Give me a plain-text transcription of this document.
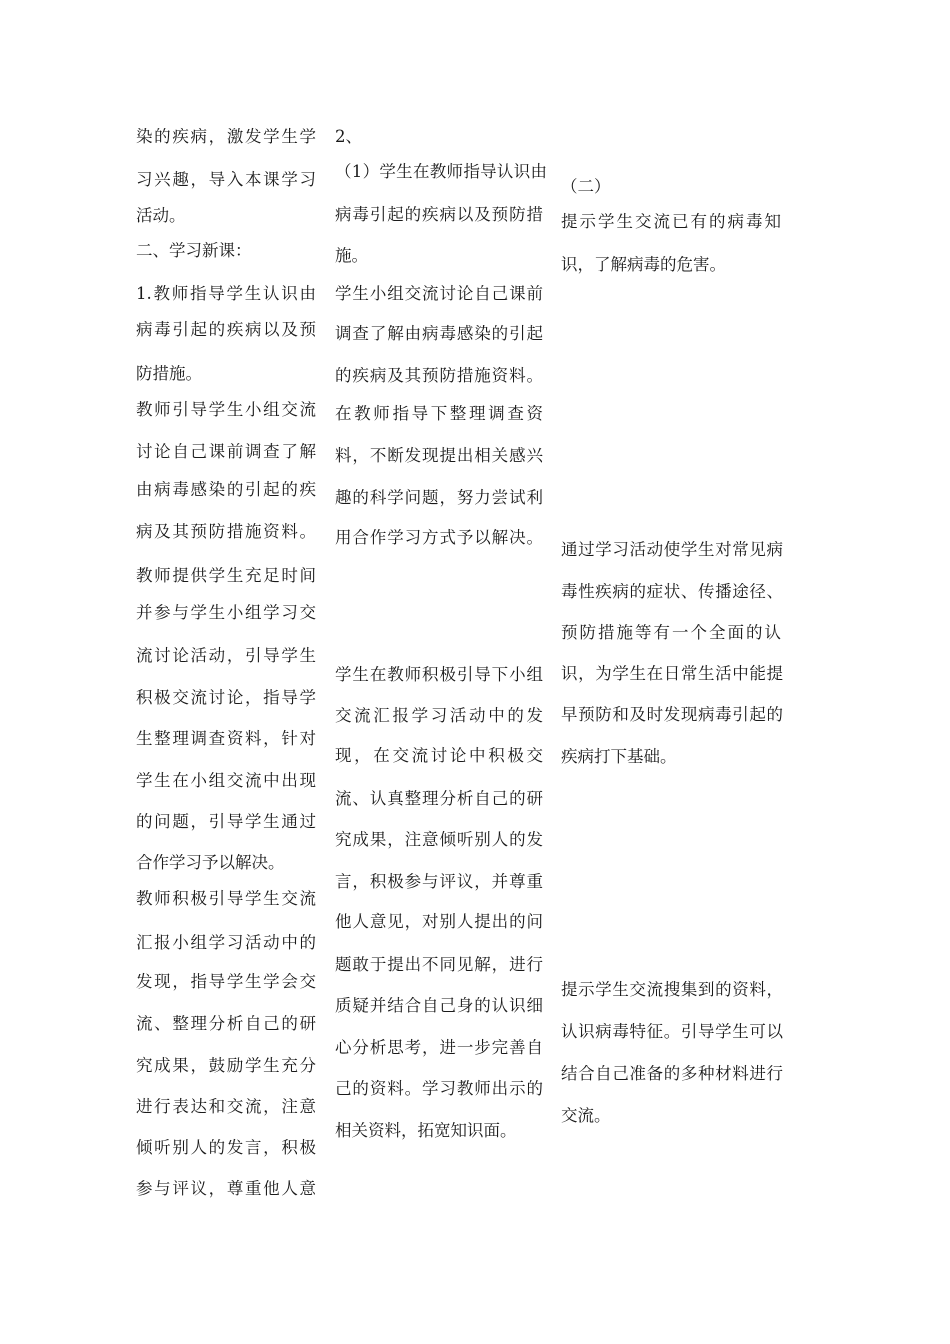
染的疾病，激发学生学
习兴趣，导入本课学习
活动。
二、学习新课：
1.教师指导学生认识由
病毒引起的疾病以及预
防措施。
教师引导学生小组交流
讨论自己课前调查了解
由病毒感染的引起的疾
病及其预防措施资料。
教师提供学生充足时间
并参与学生小组学习交
流讨论活动，引导学生
积极交流讨论，指导学
生整理调查资料，针对
学生在小组交流中出现
的问题，引导学生通过
合作学习予以解决。
教师积极引导学生交流
汇报小组学习活动中的
发现，指导学生学会交
流、整理分析自己的研
究成果，鼓励学生充分
进行表达和交流，注意
倾听别人的发言，积极
参与评议，尊重他人意
2、
（1）学生在教师指导认识由
病毒引起的疾病以及预防措
施。
学生小组交流讨论自己课前
调查了解由病毒感染的引起
的疾病及其预防措施资料。
在教师指导下整理调查资
料，不断发现提出相关感兴
趣的科学问题，努力尝试利
用合作学习方式予以解决。
学生在教师积极引导下小组
交流汇报学习活动中的发
现，在交流讨论中积极交
流、认真整理分析自己的研
究成果，注意倾听别人的发
言，积极参与评议，并尊重
他人意见，对别人提出的问
题敢于提出不同见解，进行
质疑并结合自己身的认识细
心分析思考，进一步完善自
己的资料。学习教师出示的
相关资料，拓宽知识面。
（二）
提示学生交流已有的病毒知
识，了解病毒的危害。
通过学习活动使学生对常见病
毒性疾病的症状、传播途径、
预防措施等有一个全面的认
识，为学生在日常生活中能提
早预防和及时发现病毒引起的
疾病打下基础。
提示学生交流搜集到的资料，
认识病毒特征。引导学生可以
结合自己准备的多种材料进行
交流。
